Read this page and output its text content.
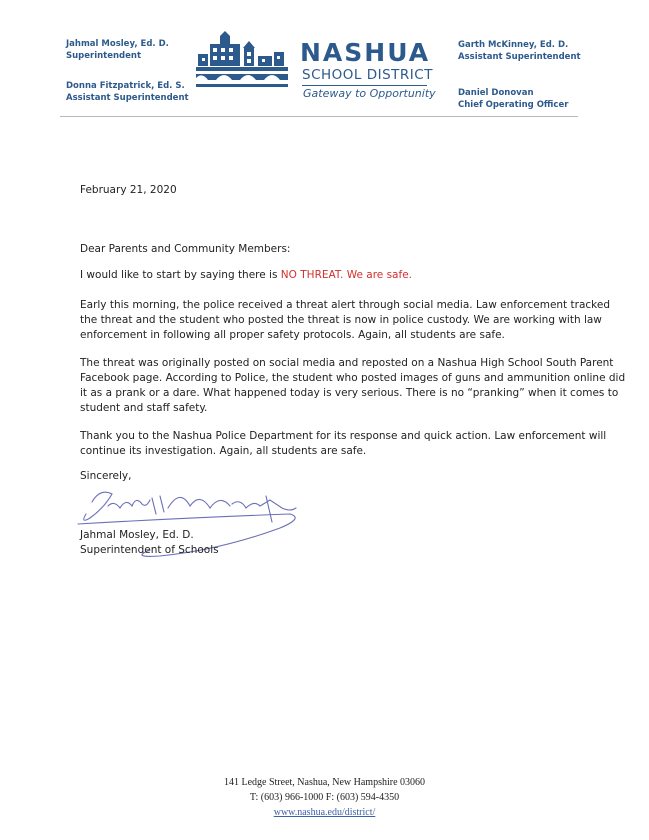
Jahmal Mosley, Ed. D.
Superintendent
Donna Fitzpatrick, Ed. S.
Assistant Superintendent
NASHUA
SCHOOL DISTRICT
Gateway to Opportunity
Garth McKinney, Ed. D.
Assistant Superintendent
Daniel Donovan
Chief Operating Officer
February 21, 2020
Dear Parents and Community Members:
I would like to start by saying there is NO THREAT. We are safe.
Early this morning, the police received a threat alert through social media. Law enforcement tracked
the threat and the student who posted the threat is now in police custody. We are working with law
enforcement in following all proper safety protocols. Again, all students are safe.
The threat was originally posted on social media and reposted on a Nashua High School South Parent
Facebook page. According to Police, the student who posted images of guns and ammunition online did
it as a prank or a dare. What happened today is very serious. There is no “pranking” when it comes to
student and staff safety.
Thank you to the Nashua Police Department for its response and quick action. Law enforcement will
continue its investigation. Again, all students are safe.
Sincerely,
Jahmal Mosley, Ed. D.
Superintendent of Schools
141 Ledge Street, Nashua, New Hampshire 03060
T: (603) 966-1000 F: (603) 594-4350
www.nashua.edu/district/
